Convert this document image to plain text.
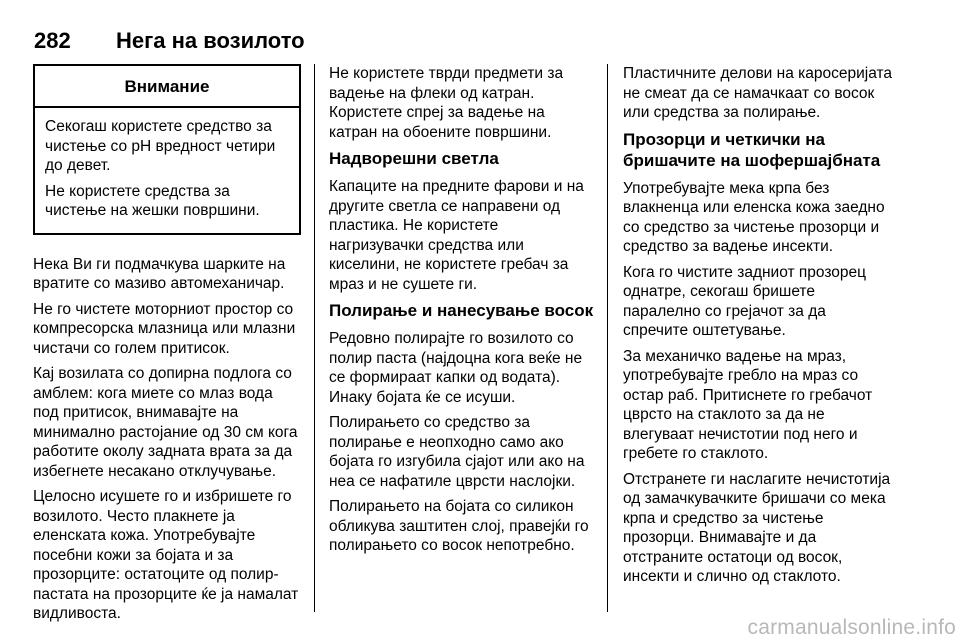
282	Нега на возилото
Внимание

Секогаш користете средство за чистење со pH вредност четири до девет.

Не користете средства за чистење на жешки површини.

Нека Ви ги подмачкува шарките на вратите со мазиво автомеханичар.

Не го чистете моторниот простор со компресорска млазница или млазни чистачи со голем притисок.

Кај возилата со допирна подлога со амблем: кога миете со млаз вода под притисок, внимавајте на минимално растојание од 30 см кога работите околу задната врата за да избегнете несакано отклучување.

Целосно исушете го и избришете го возилото. Често плакнете ја еленската кожа. Употребувајте посебни кожи за бојата и за прозорците: остатоците од полир-пастата на прозорците ќе ја намалат видливоста.

Не користете тврди предмети за вадење на флеки од катран. Користете спреј за вадење на катран на обоените површини.

Надворешни светла

Капаците на предните фарови и на другите светла се направени од пластика. Не користете нагризувачки средства или киселини, не користете гребач за мраз и не сушете ги.

Полирање и нанесување восок

Редовно полирајте го возилото со полир паста (најдоцна кога веќе не се формираат капки од водата). Инаку бојата ќе се исуши.

Полирањето со средство за полирање е неопходно само ако бојата го изгубила сјајот или ако на неа се нафатиле цврсти наслојки.

Полирањето на бојата со силикон обликува заштитен слој, правејќи го полирањето со восок непотребно.

Пластичните делови на каросеријата не смеат да се намачкаат со восок или средства за полирање.

Прозорци и четкички на бришачите на шофершајбната

Употребувајте мека крпа без влакненца или еленска кожа заедно со средство за чистење прозорци и средство за вадење инсекти.

Кога го чистите задниот прозорец однатре, секогаш бришете паралелно со грејачот за да спречите оштетување.

За механичко вадење на мраз, употребувајте гребло на мраз со остар раб. Притиснете го гребачот цврсто на стаклото за да не влегуваат нечистотии под него и гребете го стаклото.

Отстранете ги наслагите нечистотија од замачкувачките бришачи со мека крпа и средство за чистење прозорци. Внимавајте и да отстраните остатоци од восок, инсекти и слично од стаклото.

carmanualsonline.info
